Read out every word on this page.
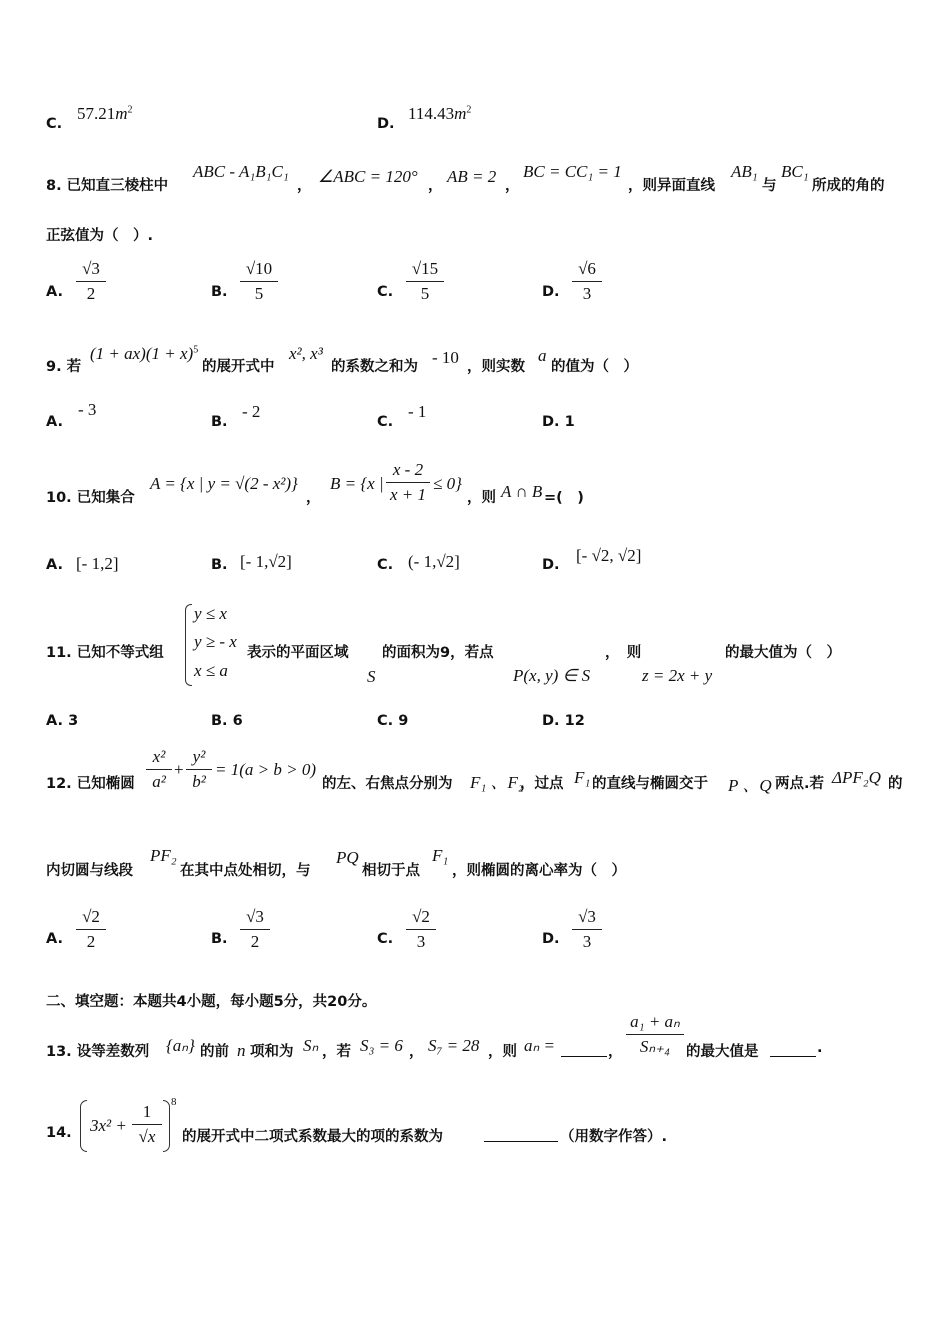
C.
$57.21m^2$
D.
$114.43m^2$
8. 已知直三棱柱中
ABC - A₁B₁C₁
， ∠ABC = 120° ， AB = 2 ，
BC = CC₁ = 1
，则异面直线
AB₁
与
BC₁
所成的角的
正弦值为（　）.
A.
√3
2	B.
√10
5	C.
√15
5	D.
√6
3
9. 若
$(1 + ax)(1 + x)^5$
的展开式中
x², x³
的系数之和为 - 10 ，则实数
a
的值为（　）
A.
- 3
B.
- 2
C.
- 1
D. 1
10. 已知集合
A = {x | y = √(2 - x²)}
，
B = {x |
x - 2
x + 1
≤ 0}
，则 A ∩ B =(　)
A. [- 1,2]	B. [- 1,√2]	C. (- 1,√2]	D. [- √2, √2]
11. 已知不等式组
y ≤ x
y ≥ - x
x ≤ a
表示的平面区域
S
的面积为9，若点
P(x, y) ∈ S
，　则
z = 2x + y
的最大值为（　）
A. 3	B. 6	C. 9	D. 12
12. 已知椭圆
x²
a²
+
y²
b²
= 1(a > b > 0)
的左、右焦点分别为 F₁ 、F₂
，过点 F₁ 的直线与椭圆交于 P 、Q 两点.若 ΔPF₂Q 的
内切圆与线段
PF₂
在其中点处相切，与
PQ
相切于点
F₁
，则椭圆的离心率为（　）
A.
√2
2	B.
√3
2	C.
√2
3	D.
√3
3
二、填空题：本题共4小题，每小题5分，共20分。
13. 设等差数列 {aₙ} 的前 n 项和为 Sₙ ，若 S₃ = 6 ， S₇ = 28 ，则 aₙ =	，
a₁ + aₙ
Sₙ₊₄	的最大值是	.
14. 3x² +
1
√x
8
的展开式中二项式系数最大的项的系数为	（用数字作答）.
